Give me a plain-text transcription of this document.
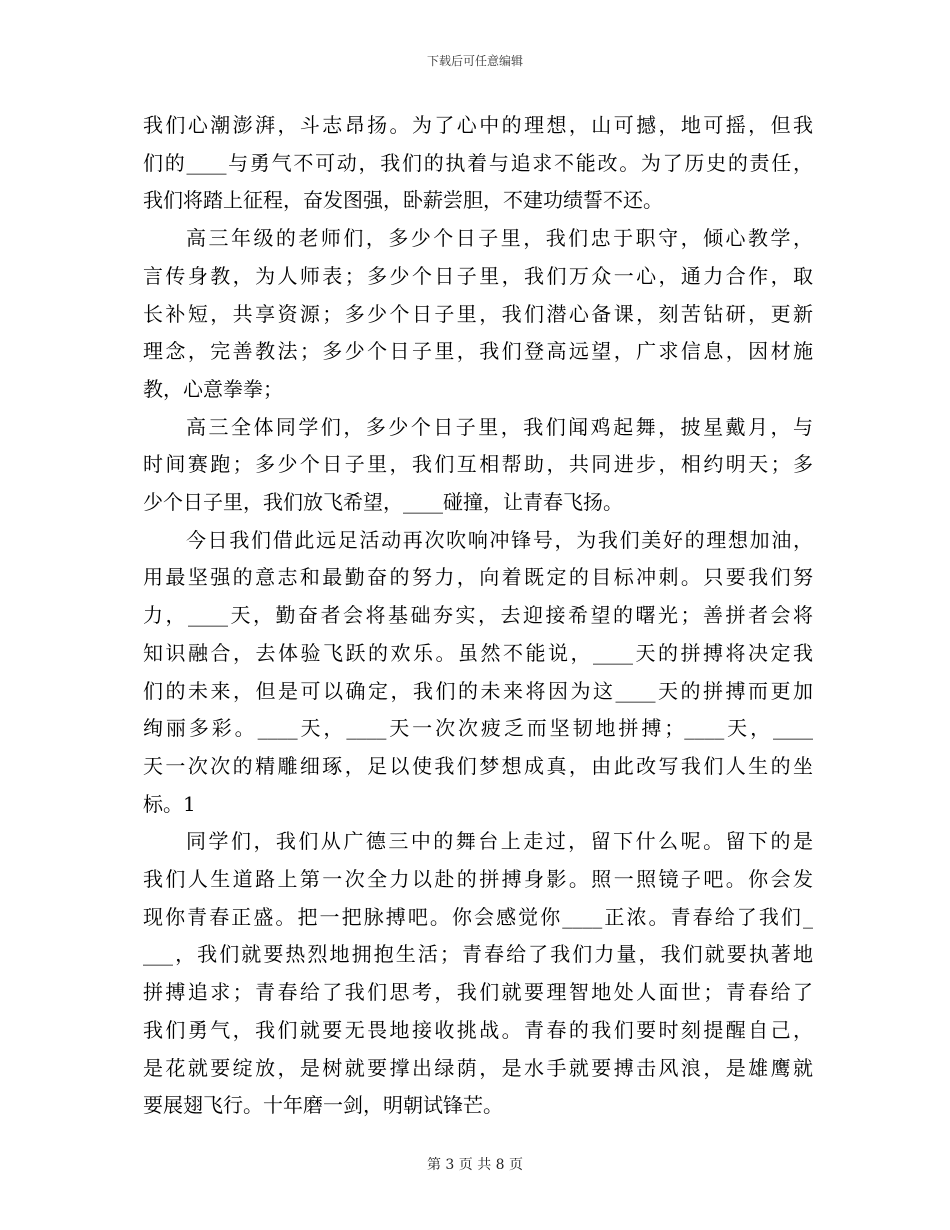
下载后可任意编辑
我们心潮澎湃，斗志昂扬。为了心中的理想，山可撼，地可摇，但我
们的____与勇气不可动，我们的执着与追求不能改。为了历史的责任，
我们将踏上征程，奋发图强，卧薪尝胆，不建功绩誓不还。
高三年级的老师们，多少个日子里，我们忠于职守，倾心教学，
言传身教，为人师表；多少个日子里，我们万众一心，通力合作，取
长补短，共享资源；多少个日子里，我们潜心备课，刻苦钻研，更新
理念，完善教法；多少个日子里，我们登高远望，广求信息，因材施
教，心意拳拳；
高三全体同学们，多少个日子里，我们闻鸡起舞，披星戴月，与
时间赛跑；多少个日子里，我们互相帮助，共同进步，相约明天；多
少个日子里，我们放飞希望，____碰撞，让青春飞扬。
今日我们借此远足活动再次吹响冲锋号，为我们美好的理想加油，
用最坚强的意志和最勤奋的努力，向着既定的目标冲刺。只要我们努
力，____天，勤奋者会将基础夯实，去迎接希望的曙光；善拼者会将
知识融合，去体验飞跃的欢乐。虽然不能说，____天的拼搏将决定我
们的未来，但是可以确定，我们的未来将因为这____天的拼搏而更加
绚丽多彩。____天，____天一次次疲乏而坚韧地拼搏；____天，____
天一次次的精雕细琢，足以使我们梦想成真，由此改写我们人生的坐
标。1
同学们，我们从广德三中的舞台上走过，留下什么呢。留下的是
我们人生道路上第一次全力以赴的拼搏身影。照一照镜子吧。你会发
现你青春正盛。把一把脉搏吧。你会感觉你____正浓。青春给了我们_
___，我们就要热烈地拥抱生活；青春给了我们力量，我们就要执著地
拼搏追求；青春给了我们思考，我们就要理智地处人面世；青春给了
我们勇气，我们就要无畏地接收挑战。青春的我们要时刻提醒自己，
是花就要绽放，是树就要撑出绿荫，是水手就要搏击风浪，是雄鹰就
要展翅飞行。十年磨一剑，明朝试锋芒。
第 3 页 共 8 页
